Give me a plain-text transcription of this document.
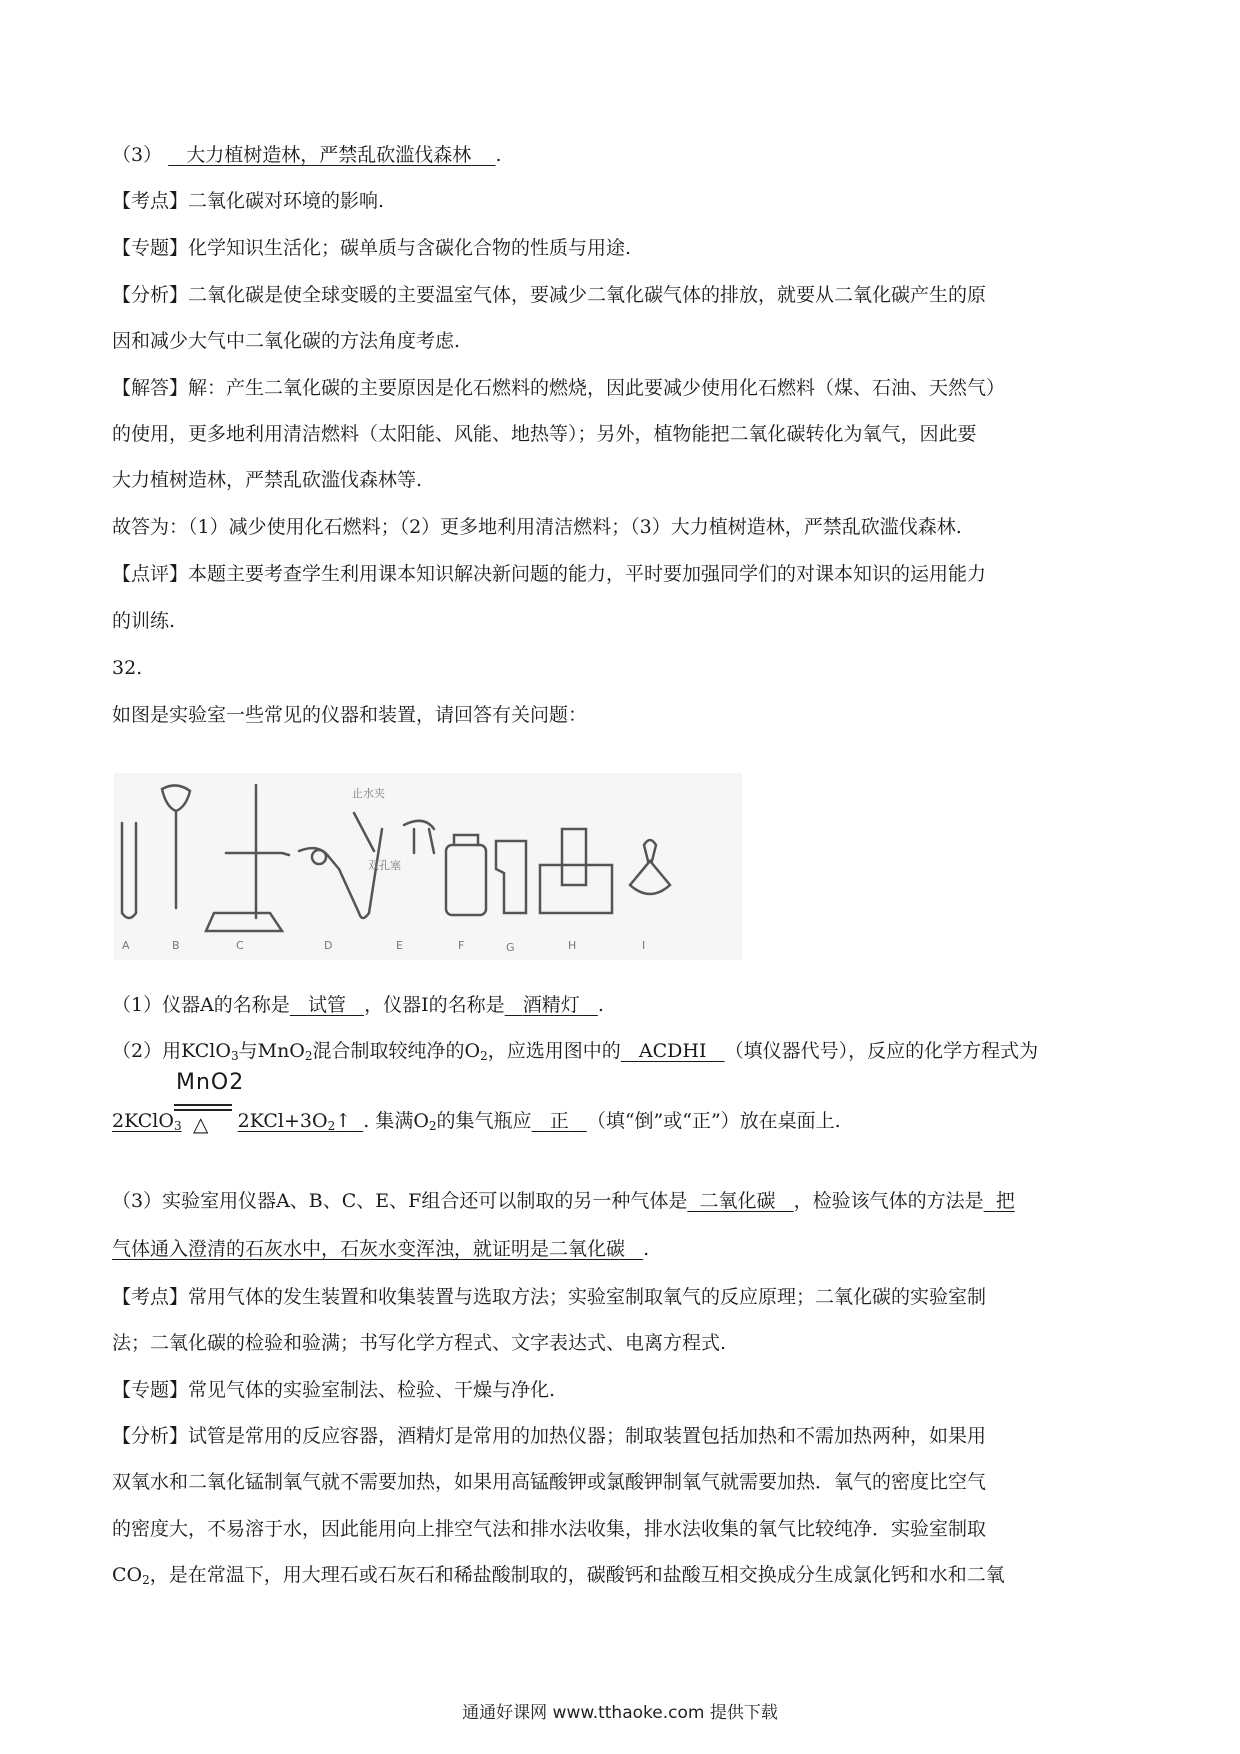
（3） 大力植树造林，严禁乱砍滥伐森林 .
【考点】二氧化碳对环境的影响.
【专题】化学知识生活化；碳单质与含碳化合物的性质与用途.
【分析】二氧化碳是使全球变暖的主要温室气体，要减少二氧化碳气体的排放，就要从二氧化碳产生的原
因和减少大气中二氧化碳的方法角度考虑.
【解答】解：产生二氧化碳的主要原因是化石燃料的燃烧，因此要减少使用化石燃料（煤、石油、天然气）
的使用，更多地利用清洁燃料（太阳能、风能、地热等）；另外，植物能把二氧化碳转化为氧气，因此要
大力植树造林，严禁乱砍滥伐森林等.
故答为：（1）减少使用化石燃料；（2）更多地利用清洁燃料；（3）大力植树造林，严禁乱砍滥伐森林.
【点评】本题主要考查学生利用课本知识解决新问题的能力，平时要加强同学们的对课本知识的运用能力
的训练.
32.
如图是实验室一些常见的仪器和装置，请回答有关问题：
A	B	C	D	E	F	G	H	I
止水夹
双孔塞
（1）仪器A的名称是 试管 ，仪器I的名称是 酒精灯 .
（2）用KClO$_3$与MnO$_2$混合制取较纯净的$O_2$，应选用图中的 ACDHI （填仪器代号），反应的化学方程式为
MnO2
△
2KClO$_3$	$2KCl+3O_2↑$ . 集满$O_2$的集气瓶应 正 （填“倒”或“正”）放在桌面上.
（3）实验室用仪器A、B、C、E、F组合还可以制取的另一种气体是 二氧化碳 ，检验该气体的方法是 把
气体通入澄清的石灰水中，石灰水变浑浊，就证明是二氧化碳 .
【考点】常用气体的发生装置和收集装置与选取方法；实验室制取氧气的反应原理；二氧化碳的实验室制
法；二氧化碳的检验和验满；书写化学方程式、文字表达式、电离方程式.
【专题】常见气体的实验室制法、检验、干燥与净化.
【分析】试管是常用的反应容器，酒精灯是常用的加热仪器；制取装置包括加热和不需加热两种，如果用
双氧水和二氧化锰制氧气就不需要加热，如果用高锰酸钾或氯酸钾制氧气就需要加热．氧气的密度比空气
的密度大，不易溶于水，因此能用向上排空气法和排水法收集，排水法收集的氧气比较纯净．实验室制取
$CO_2$，是在常温下，用大理石或石灰石和稀盐酸制取的，碳酸钙和盐酸互相交换成分生成氯化钙和水和二氧
通通好课网 www.tthaoke.com 提供下载
